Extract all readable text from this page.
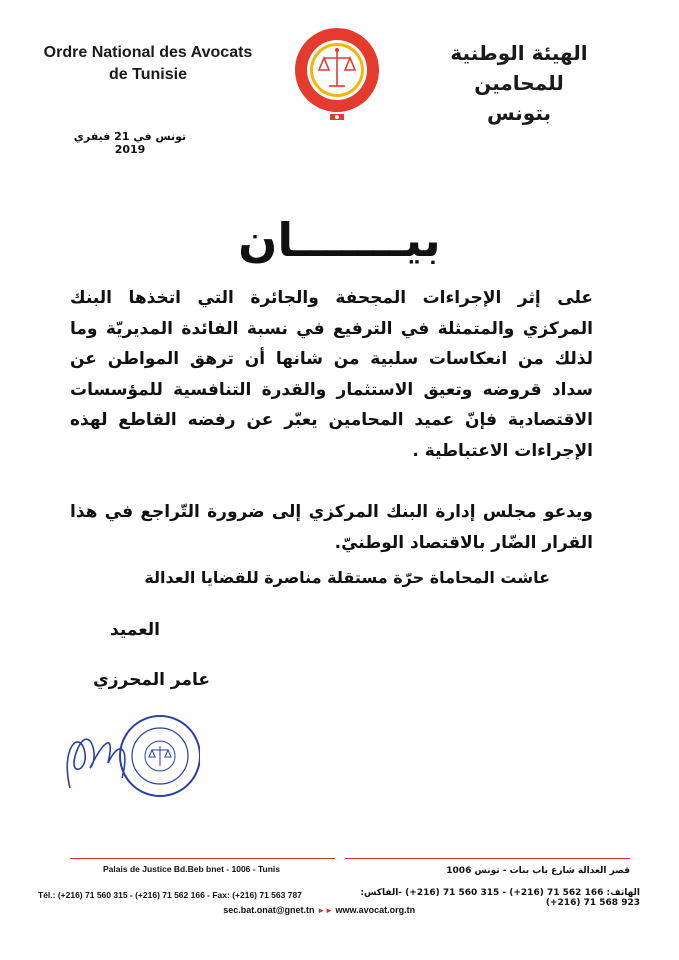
Ordre National des Avocats
de Tunisie
الهيئة الوطنية للمحامين
بتونس
تونس في 21 فيفري 2019
بيـــــــان

على إثر الإجراءات المجحفة والجائرة التي اتخذها البنك المركزي والمتمثلة في الترفيع في نسبة الفائدة المديريّة وما لذلك من انعكاسات سلبية من شانها أن ترهق المواطن عن سداد قروضه وتعيق الاستثمار والقدرة التنافسية للمؤسسات الاقتصادية فإنّ عميد المحامين يعبّر عن رفضه القاطع لهذه الإجراءات الاعتباطية .

ويدعو مجلس إدارة البنك المركزي إلى ضرورة التّراجع في هذا القرار الضّار بالاقتصاد الوطنيّ.
عاشت المحاماة حرّة مستقلة مناصرة للقضايا العدالة
العميد
عامر المحرزي
Palais de Justice Bd.Beb bnet - 1006 - Tunis
Tél.: (+216) 71 560 315 - (+216) 71 562 166 - Fax: (+216) 71 563 787
قصر العدالة شارع باب بنات - تونس 1006
الهاتف: 166 562 71 (216+) - 315 560 71 (216+) -الفاكس: 923 568 71 (216+)
sec.bat.onat@gnet.tn ► ► www.avocat.org.tn
